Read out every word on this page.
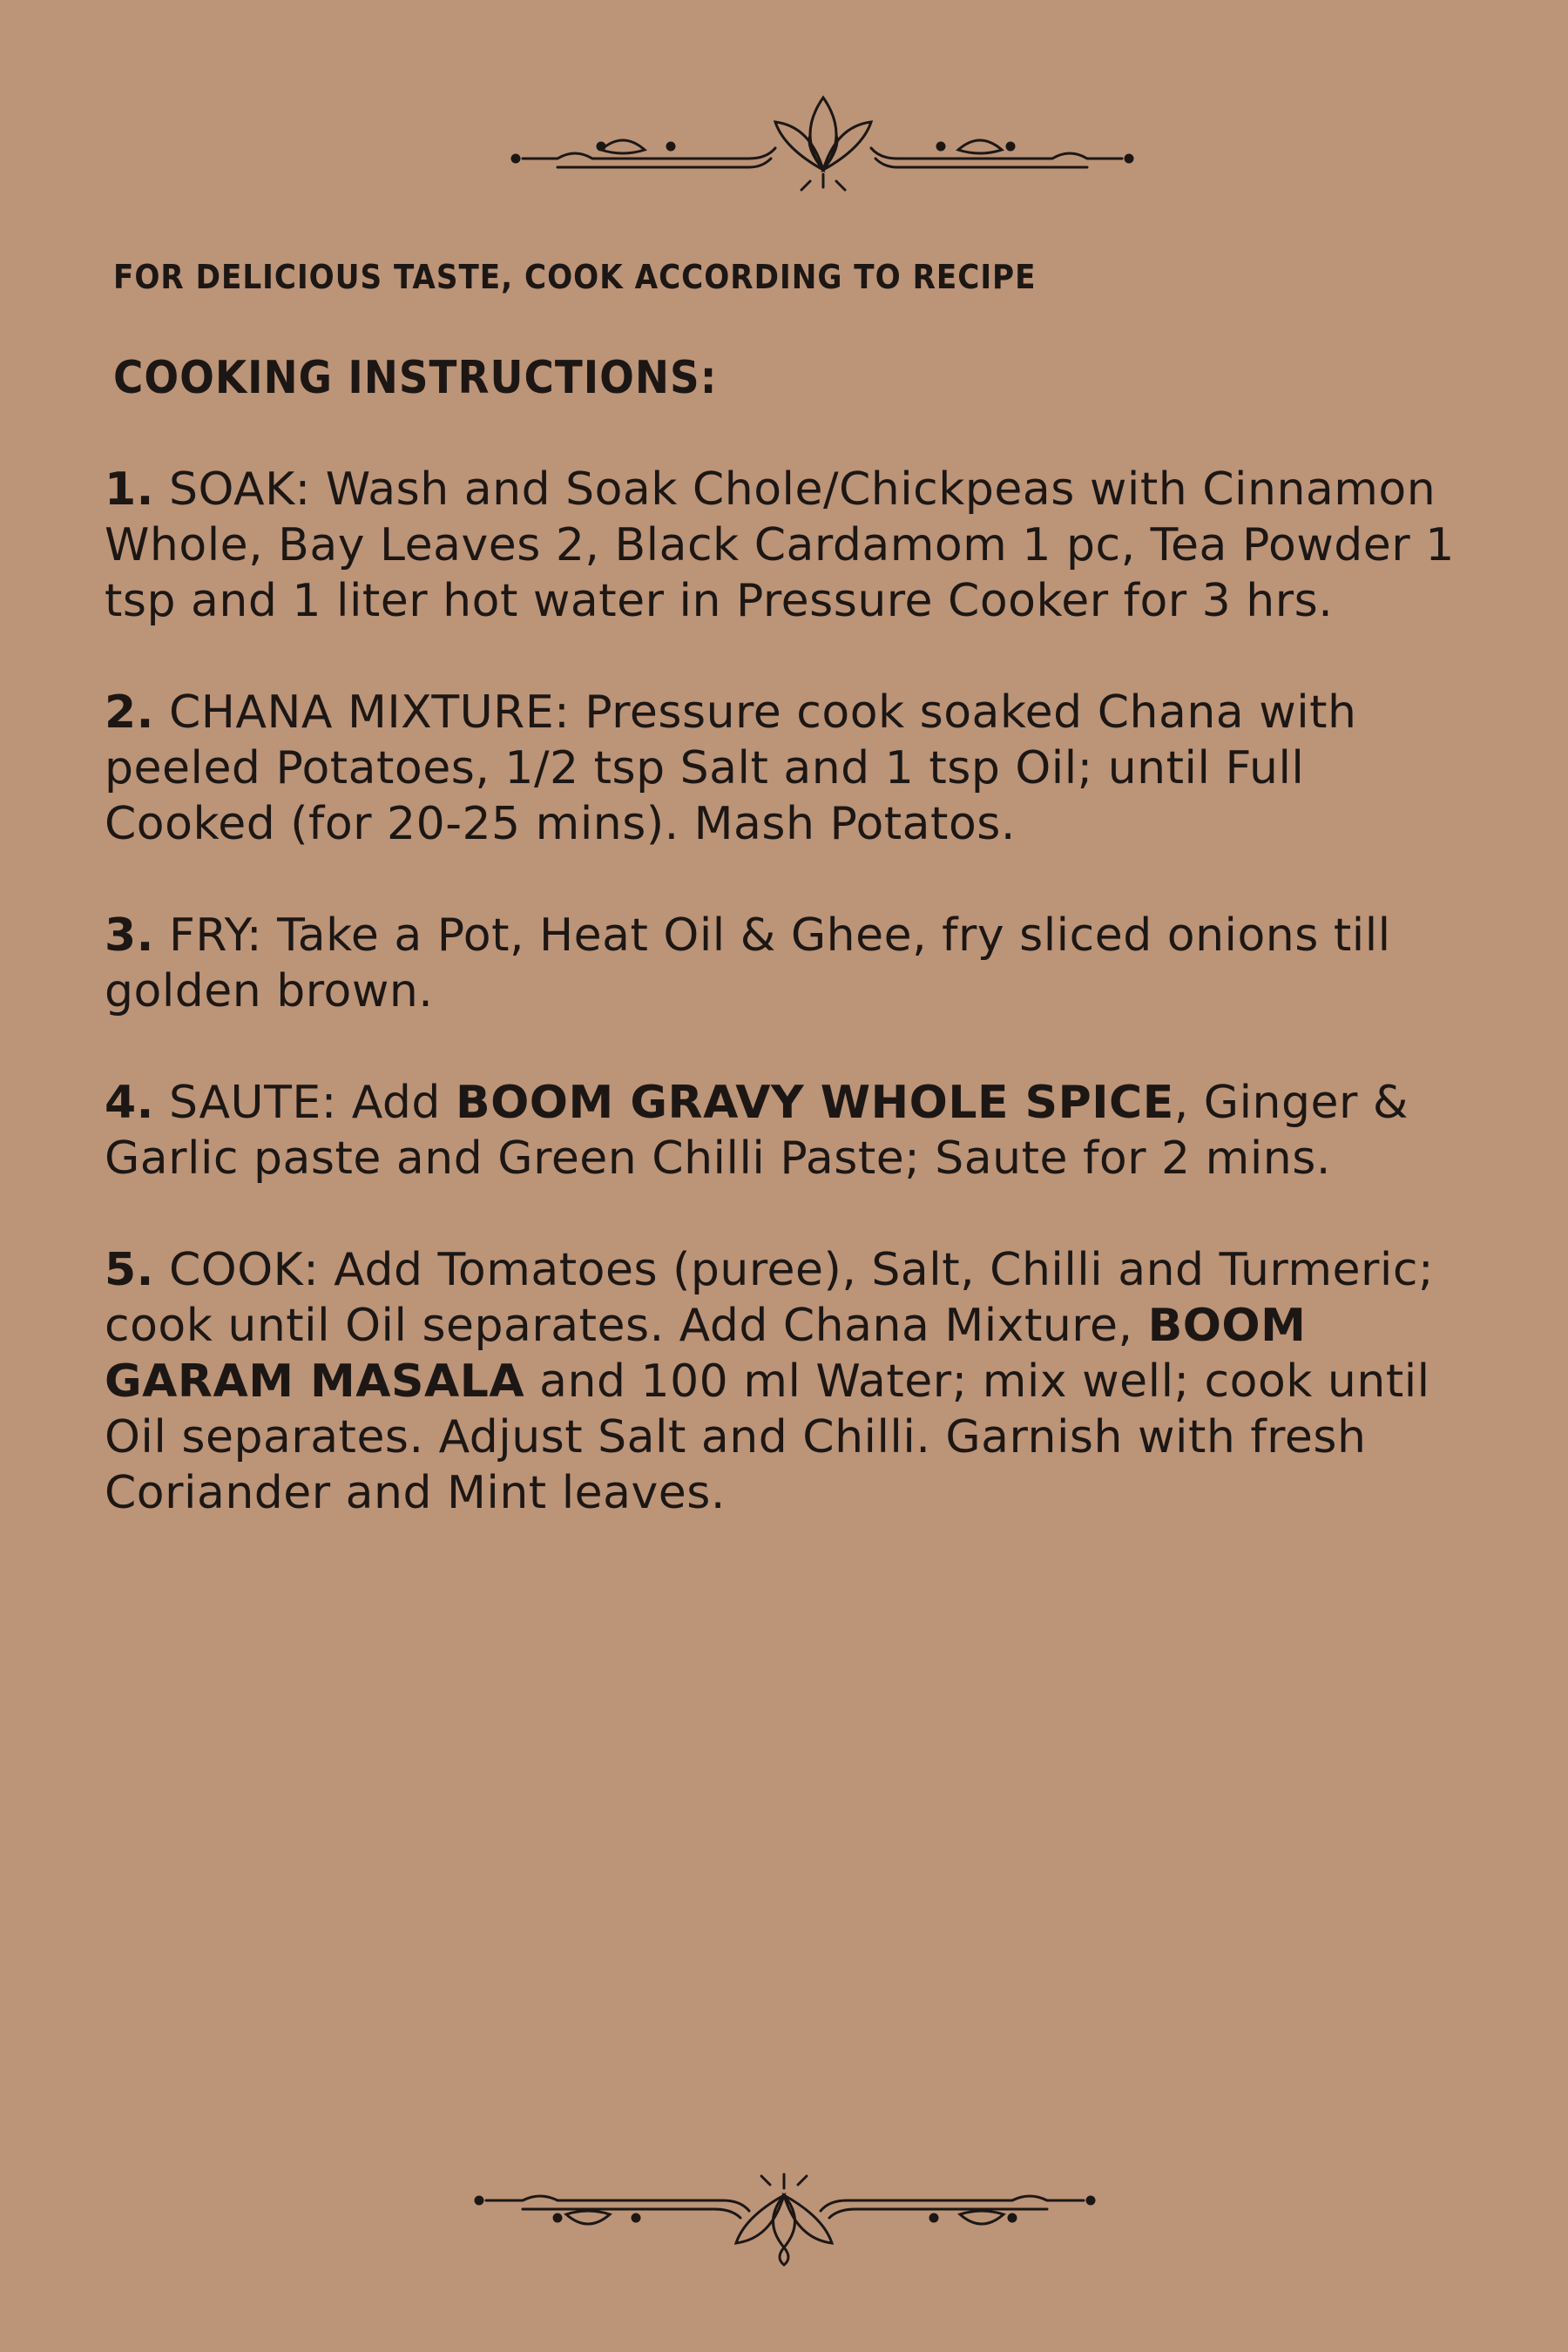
FOR DELICIOUS TASTE, COOK ACCORDING TO RECIPE
COOKING INSTRUCTIONS:

1. SOAK: Wash and Soak Chole/Chickpeas with Cinnamon Whole, Bay Leaves 2, Black Cardamom 1 pc, Tea Powder 1 tsp and 1 liter hot water in Pressure Cooker for 3 hrs.

2. CHANA MIXTURE: Pressure cook soaked Chana with peeled Potatoes, 1/2 tsp Salt and 1 tsp Oil; until Full Cooked (for 20-25 mins). Mash Potatos.

3. FRY: Take a Pot, Heat Oil & Ghee, fry sliced onions till golden brown.

4. SAUTE: Add BOOM GRAVY WHOLE SPICE, Ginger & Garlic paste and Green Chilli Paste; Saute for 2 mins.

5. COOK: Add Tomatoes (puree), Salt, Chilli and Turmeric; cook until Oil separates. Add Chana Mixture, BOOM GARAM MASALA and 100 ml Water; mix well; cook until Oil separates. Adjust Salt and Chilli. Garnish with fresh Coriander and Mint leaves.
